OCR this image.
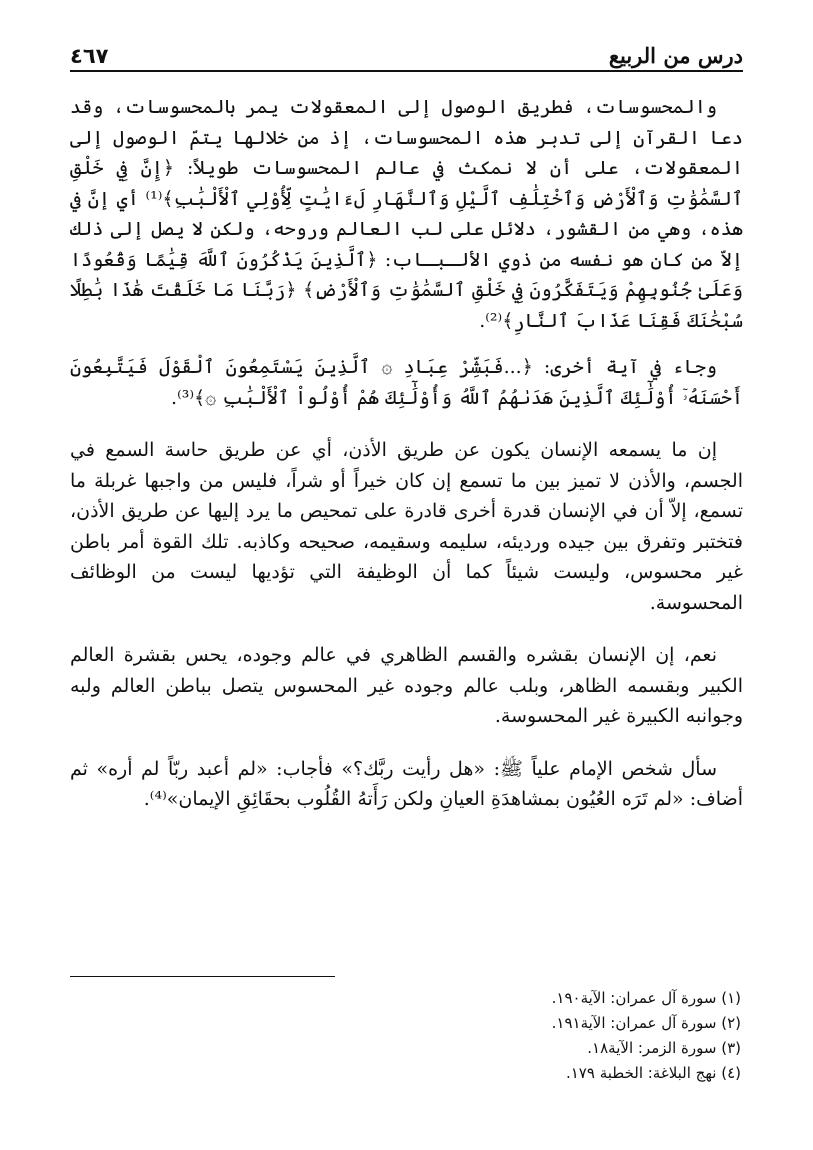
درس من الربيع
٤٦٧

والمحسوسات، فطريق الوصول إلى المعقولات يمر بالمحسوسات، وقد دعا القرآن إلى تدبر هذه المحسوسات، إذ من خلالها يتمّ الوصول إلى المعقولات، على أن لا نمكث في عالم المحسوسات طويلاً: ﴿إِنَّ فِي خَلْقِ ٱلسَّمَٰوَٰتِ وَٱلْأَرْضِ وَٱخْتِلَٰفِ ٱلَّيْلِ وَٱلنَّهَارِ لَءَايَٰتٍ لِّأُوْلِي ٱلْأَلْبَٰبِ﴾⁽¹⁾ أي إنَّ في هذه، وهي من القشور، دلائل على لب العالم وروحه، ولكن لا يصل إلى ذلك إلاّ من كان هو نفسه من ذوي الألـبـاب: ﴿ٱلَّذِينَ يَذْكُرُونَ ٱللَّهَ قِيَٰمًا وَقُعُودًا وَعَلَىٰ جُنُوبِهِمْ وَيَتَفَكَّرُونَ فِي خَلْقِ ٱلسَّمَٰوَٰتِ وَٱلْأَرْضِ﴾ ﴿رَبَّنَا مَا خَلَقْتَ هَٰذَا بَٰطِلًا سُبْحَٰنَكَ فَقِنَا عَذَابَ ٱلنَّارِ﴾⁽²⁾.

وجاء في آية أخرى: ﴿...فَبَشِّرْ عِبَادِ ۞ ٱلَّذِينَ يَسْتَمِعُونَ ٱلْقَوْلَ فَيَتَّبِعُونَ أَحْسَنَهُۥٓ أُوْلَٰٓئِكَ ٱلَّذِينَ هَدَىٰهُمُ ٱللَّهُ وَأُوْلَٰٓئِكَ هُمْ أُوْلُواْ ٱلْأَلْبَٰبِ ۞﴾⁽³⁾.

إن ما يسمعه الإنسان يكون عن طريق الأذن، أي عن طريق حاسة السمع في الجسم، والأذن لا تميز بين ما تسمع إن كان خيراً أو شراً، فليس من واجبها غربلة ما تسمع، إلاّ أن في الإنسان قدرة أخرى قادرة على تمحيص ما يرد إليها عن طريق الأذن، فتختبر وتفرق بين جيده ورديئه، سليمه وسقيمه، صحيحه وكاذبه. تلك القوة أمر باطن غير محسوس، وليست شيئاً كما أن الوظيفة التي تؤديها ليست من الوظائف المحسوسة.

نعم، إن الإنسان بقشره والقسم الظاهري في عالم وجوده، يحس بقشرة العالم الكبير وبقسمه الظاهر، وبلب عالم وجوده غير المحسوس يتصل بباطن العالم ولبه وجوانبه الكبيرة غير المحسوسة.

سأل شخص الإمام علياً ﷺ: «هل رأيت ربَّك؟» فأجاب: «لم أعبد ربّاً لم أره» ثم أضاف: «لم تَرَه العُيُون بمشاهدَةِ العيانِ ولكن رَأَتهُ القُلُوب بحقَائِقِ الإيمان»⁽⁴⁾.

(١) سورة آل عمران: الآية١٩٠.
(٢) سورة آل عمران: الآية١٩١.
(٣) سورة الزمر: الآية١٨.
(٤) نهج البلاغة: الخطبة ١٧٩.
